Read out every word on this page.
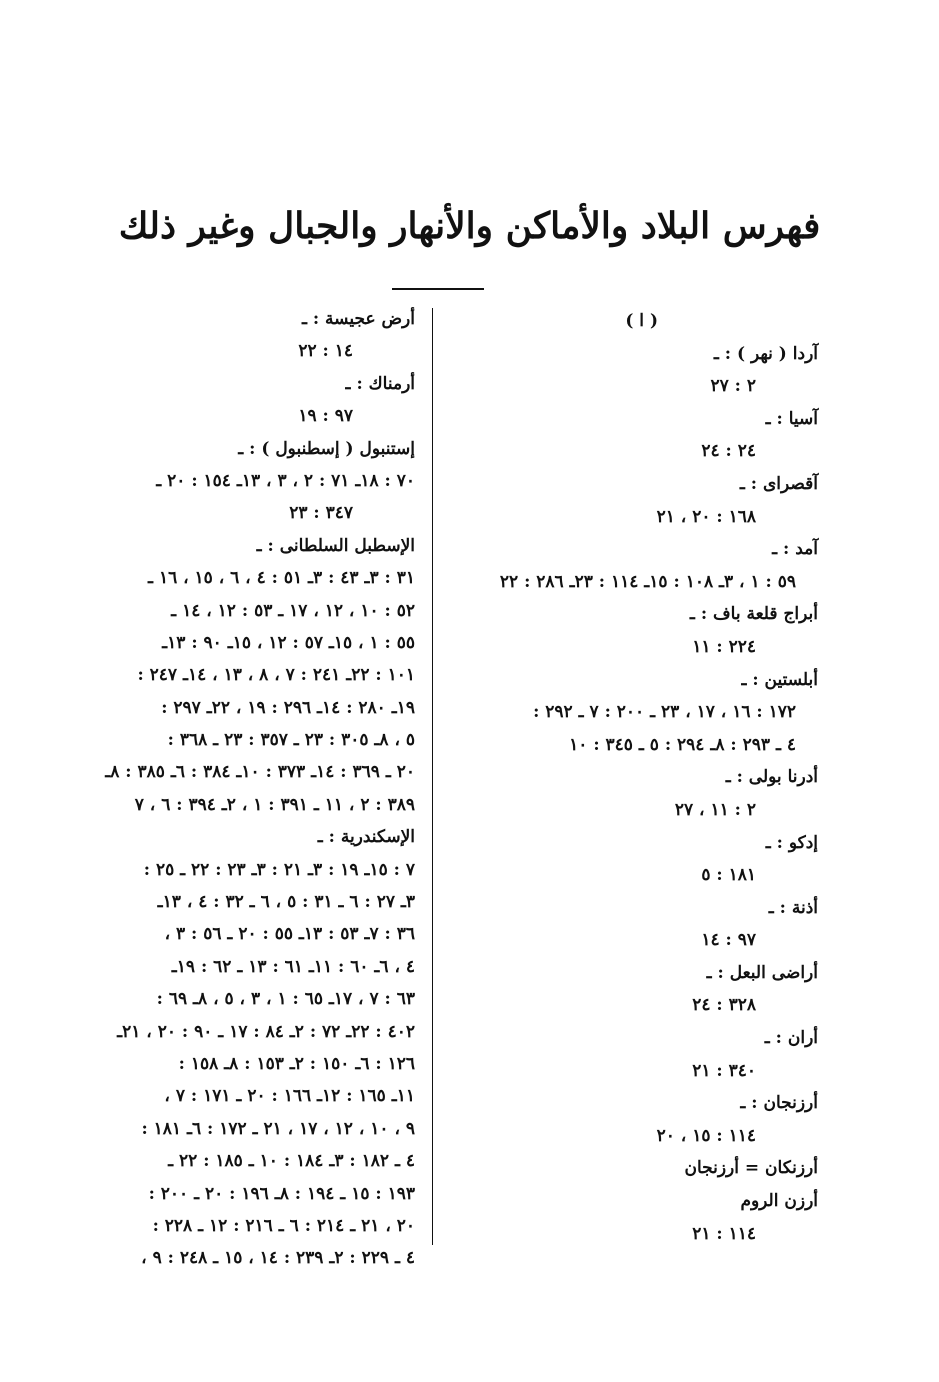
فهرس البلاد والأماكن والأنهار والجبال وغير ذلك
( ا )
آردا ( نهر ) : ـ
٢ : ٢٧
آسيا : ـ
٢٤ : ٢٤
آقصراى : ـ
١٦٨ : ٢٠ ، ٢١
آمد : ـ
٥٩ : ١ ، ٣ـ ١٠٨ : ١٥ـ ١١٤ : ٢٣ـ ٢٨٦ : ٢٢
أبراج قلعة باف : ـ
٢٢٤ : ١١
أبلستين : ـ
١٧٢ : ١٦ ، ١٧ ، ٢٣ ـ ٢٠٠ : ٧ ـ ٢٩٢ :
٤ ـ ٢٩٣ : ٨ـ ٢٩٤ : ٥ ـ ٣٤٥ : ١٠
أدرنا بولى : ـ
٢ : ١١ ، ٢٧
إدكو : ـ
١٨١ : ٥
أذنة : ـ
٩٧ : ١٤
أراضى البعل : ـ
٣٢٨ : ٢٤
أران : ـ
٣٤٠ : ٢١
أرزنجان : ـ
١١٤ : ١٥ ، ٢٠
أرزنكان = أرزنجان
أرزن الروم
١١٤ : ٢١
أرض عجيسة : ـ
١٤ : ٢٢
أرمناك : ـ
٩٧ : ١٩
إستنبول ( إسطنبول ) : ـ
٧٠ : ١٨ـ ٧١ : ٢ ، ٣ ، ١٣ـ ١٥٤ : ٢٠ ـ
٣٤٧ : ٢٣
الإسطبل السلطانى : ـ
٣١ : ٣ـ ٤٣ : ٣ـ ٥١ : ٤ ، ٦ ، ١٥ ، ١٦ ـ
٥٢ : ١٠ ، ١٢ ، ١٧ ـ ٥٣ : ١٢ ، ١٤ ـ
٥٥ : ١ ، ١٥ـ ٥٧ : ١٢ ، ١٥ـ ٩٠ : ١٣ـ
١٠١ : ٢٢ـ ٢٤١ : ٧ ، ٨ ، ١٣ ، ١٤ـ ٢٤٧ :
١٩ـ ٢٨٠ : ١٤ـ ٢٩٦ : ١٩ ، ٢٢ـ ٢٩٧ :
٥ ، ٨ـ ٣٠٥ : ٢٣ ـ ٣٥٧ : ٢٣ ـ ٣٦٨ :
٢٠ ـ ٣٦٩ : ١٤ـ ٣٧٣ : ١٠ـ ٣٨٤ : ٦ـ ٣٨٥ : ٨ـ
٣٨٩ : ٢ ، ١١ ـ ٣٩١ : ١ ، ٢ـ ٣٩٤ : ٦ ، ٧
الإسكندرية : ـ
٧ : ١٥ـ ١٩ : ٣ـ ٢١ : ٣ـ ٢٣ : ٢٢ ـ ٢٥ :
٣ـ ٢٧ : ٦ ـ ٣١ : ٥ ، ٦ ـ ٣٢ : ٤ ، ١٣ـ
٣٦ : ٧ـ ٥٣ : ١٣ـ ٥٥ : ٢٠ ـ ٥٦ : ٣ ،
٤ ، ٦ـ ٦٠ : ١١ـ ٦١ : ١٣ ـ ٦٢ : ١٩ـ
٦٣ : ٧ ، ١٧ـ ٦٥ : ١ ، ٣ ، ٥ ، ٨ـ ٦٩ :
٤٠٢ : ٢٢ـ ٧٢ : ٢ـ ٨٤ : ١٧ ـ ٩٠ : ٢٠ ، ٢١ـ
١٢٦ : ٦ـ ١٥٠ : ٢ـ ١٥٣ : ٨ـ ١٥٨ :
١١ـ ١٦٥ : ١٢ـ ١٦٦ : ٢٠ ـ ١٧١ : ٧ ،
٩ ، ١٠ ، ١٢ ، ١٧ ، ٢١ ـ ١٧٢ : ٦ـ ١٨١ :
٤ ـ ١٨٢ : ٣ـ ١٨٤ : ١٠ ـ ١٨٥ : ٢٢ ـ
١٩٣ : ١٥ ـ ١٩٤ : ٨ـ ١٩٦ : ٢٠ ـ ٢٠٠ :
٢٠ ، ٢١ ـ ٢١٤ : ٦ ـ ٢١٦ : ١٢ ـ ٢٢٨ :
٤ ـ ٢٢٩ : ٢ـ ٢٣٩ : ١٤ ، ١٥ ـ ٢٤٨ : ٩ ،
